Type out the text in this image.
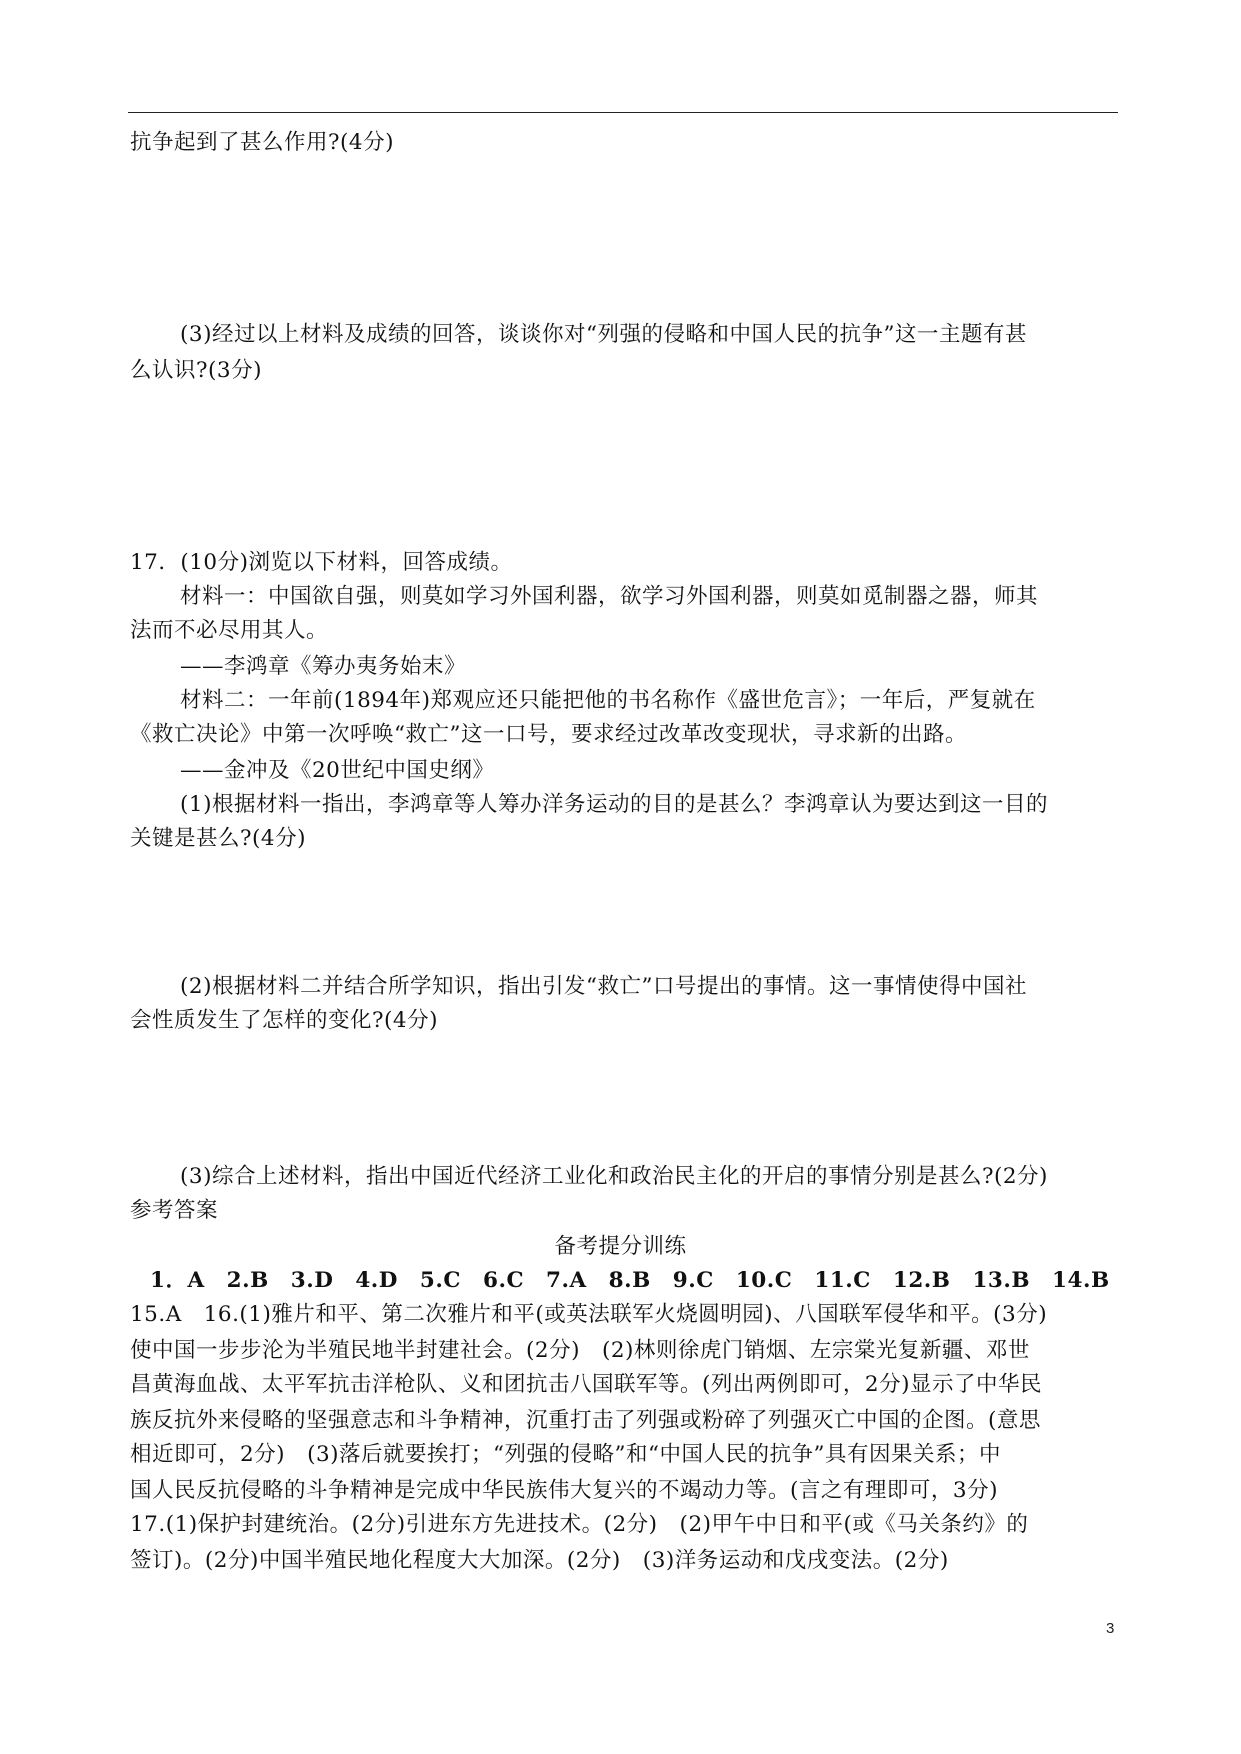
抗争起到了甚么作用?(4分)
(3)经过以上材料及成绩的回答，谈谈你对“列强的侵略和中国人民的抗争”这一主题有甚
么认识?(3分)
17．(10分)浏览以下材料，回答成绩。
材料一：中国欲自强，则莫如学习外国利器，欲学习外国利器，则莫如觅制器之器，师其
法而不必尽用其人。
——李鸿章《筹办夷务始末》
材料二：一年前(1894年)郑观应还只能把他的书名称作《盛世危言》；一年后，严复就在
《救亡决论》中第一次呼唤“救亡”这一口号，要求经过改革改变现状，寻求新的出路。
——金冲及《20世纪中国史纲》
(1)根据材料一指出，李鸿章等人筹办洋务运动的目的是甚么？李鸿章认为要达到这一目的
关键是甚么?(4分)
(2)根据材料二并结合所学知识，指出引发“救亡”口号提出的事情。这一事情使得中国社
会性质发生了怎样的变化?(4分)
(3)综合上述材料，指出中国近代经济工业化和政治民主化的开启的事情分别是甚么?(2分)
参考答案
备考提分训练
1．A　2.B　3.D　4.D　5.C　6.C　7.A　8.B　9.C　10.C　11.C　12.B　13.B　14.B
15.A　16.(1)雅片和平、第二次雅片和平(或英法联军火烧圆明园)、八国联军侵华和平。(3分)
使中国一步步沦为半殖民地半封建社会。(2分)　(2)林则徐虎门销烟、左宗棠光复新疆、邓世
昌黄海血战、太平军抗击洋枪队、义和团抗击八国联军等。(列出两例即可，2分)显示了中华民
族反抗外来侵略的坚强意志和斗争精神，沉重打击了列强或粉碎了列强灭亡中国的企图。(意思
相近即可，2分)　(3)落后就要挨打；“列强的侵略”和“中国人民的抗争”具有因果关系；中
国人民反抗侵略的斗争精神是完成中华民族伟大复兴的不竭动力等。(言之有理即可，3分)
17.(1)保护封建统治。(2分)引进东方先进技术。(2分)　(2)甲午中日和平(或《马关条约》的
签订)。(2分)中国半殖民地化程度大大加深。(2分)　(3)洋务运动和戊戌变法。(2分)
3
